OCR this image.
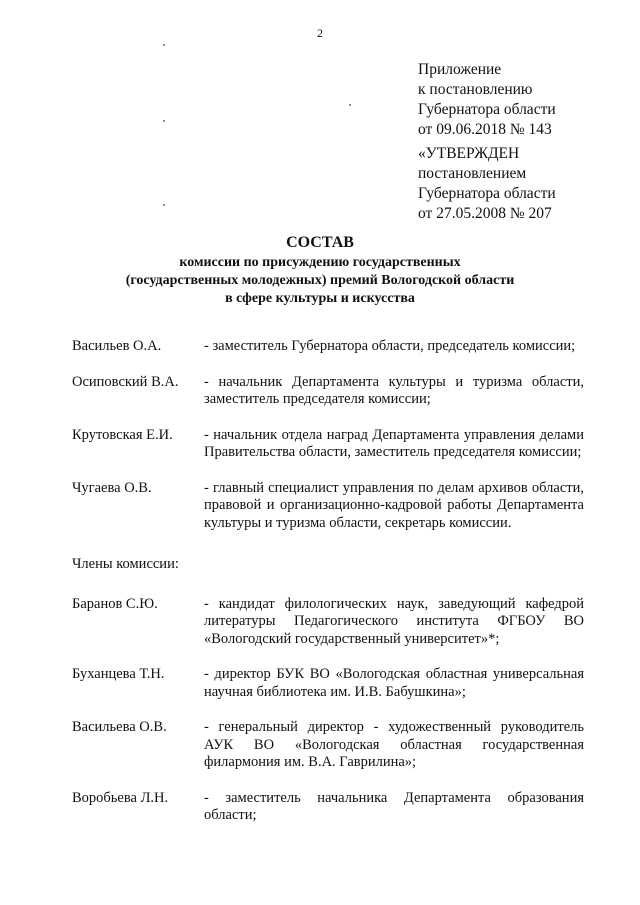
2
Приложение
к постановлению
Губернатора области
от 09.06.2018 № 143
«УТВЕРЖДЕН
постановлением
Губернатора области
от 27.05.2008 № 207
СОСТАВ
комиссии по присуждению государственных
(государственных молодежных) премий Вологодской области
в сфере культуры и искусства
Васильев О.А.	- заместитель Губернатора области, председатель комиссии;
Осиповский В.А.	- начальник Департамента культуры и туризма области, заместитель председателя комиссии;
Крутовская Е.И.	- начальник отдела наград Департамента управления делами Правительства области, заместитель председателя комиссии;
Чугаева О.В.	- главный специалист управления по делам архивов области, правовой и организационно-кадровой работы Департамента культуры и туризма области, секретарь комиссии.
Члены комиссии:
Баранов С.Ю.	- кандидат филологических наук, заведующий кафедрой литературы Педагогического института ФГБОУ ВО «Вологодский государственный университет»*;
Буханцева Т.Н.	- директор БУК ВО «Вологодская областная универсальная научная библиотека им. И.В. Бабушкина»;
Васильева О.В.	- генеральный директор - художественный руководитель АУК ВО «Вологодская областная государственная филармония им. В.А. Гаврилина»;
Воробьева Л.Н.	- заместитель начальника Департамента образования области;
